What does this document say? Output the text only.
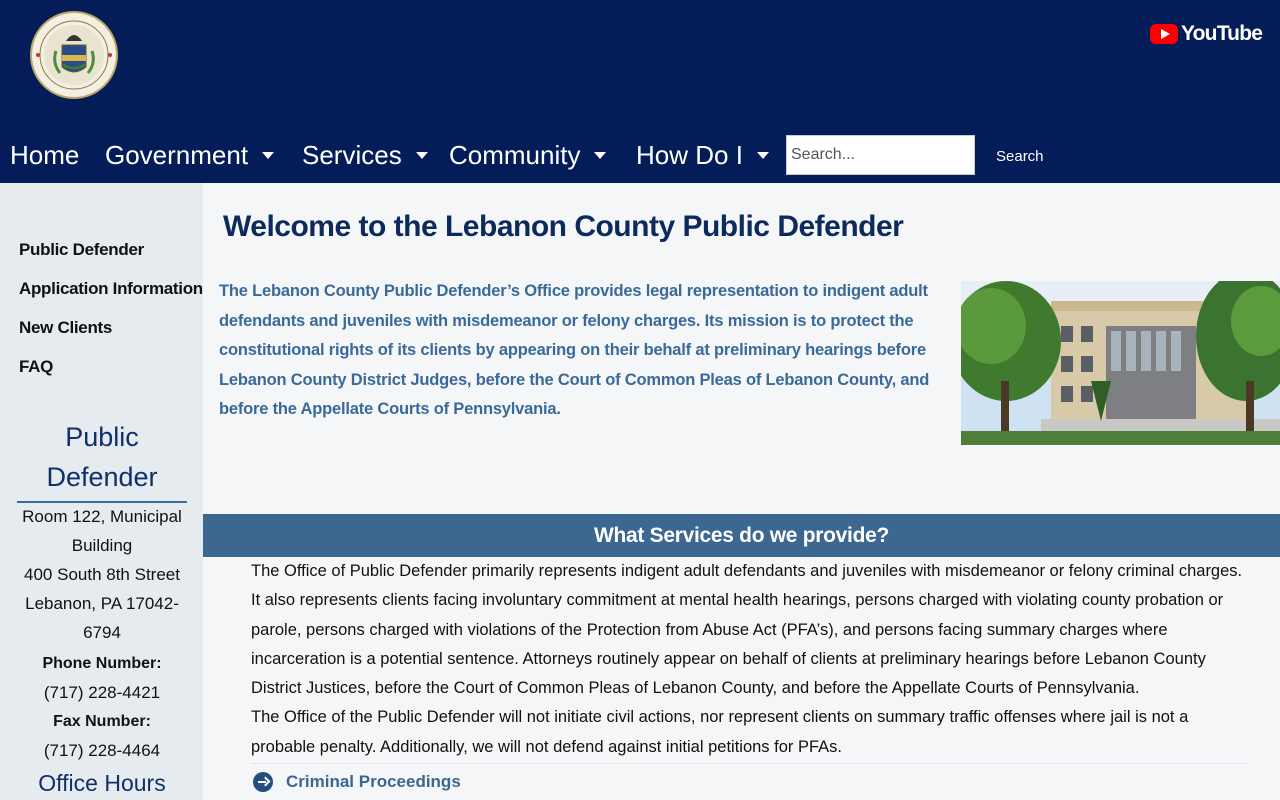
YouTube
Home Government	Services	Community	How Do I
Search...	Search
Public Defender
Application Information
New Clients
FAQ
Public Defender
Room 122, Municipal Building
400 South 8th Street
Lebanon, PA 17042-6794
Phone Number:
(717) 228-4421
Fax Number:
(717) 228-4464
Office Hours
Welcome to the Lebanon County Public Defender

The Lebanon County Public Defender’s Office provides legal representation to indigent adult defendants and juveniles with misdemeanor or felony charges. Its mission is to protect the constitutional rights of its clients by appearing on their behalf at preliminary hearings before Lebanon County District Judges, before the Court of Common Pleas of Lebanon County, and before the Appellate Courts of Pennsylvania.

What Services do we provide?

The Office of Public Defender primarily represents indigent adult defendants and juveniles with misdemeanor or felony criminal charges. It also represents clients facing involuntary commitment at mental health hearings, persons charged with violating county probation or parole, persons charged with violations of the Protection from Abuse Act (PFA’s), and persons facing summary charges where incarceration is a potential sentence. Attorneys routinely appear on behalf of clients at preliminary hearings before Lebanon County District Justices, before the Court of Common Pleas of Lebanon County, and before the Appellate Courts of Pennsylvania.

The Office of the Public Defender will not initiate civil actions, nor represent clients on summary traffic offenses where jail is not a probable penalty. Additionally, we will not defend against initial petitions for PFAs.

Criminal Proceedings
